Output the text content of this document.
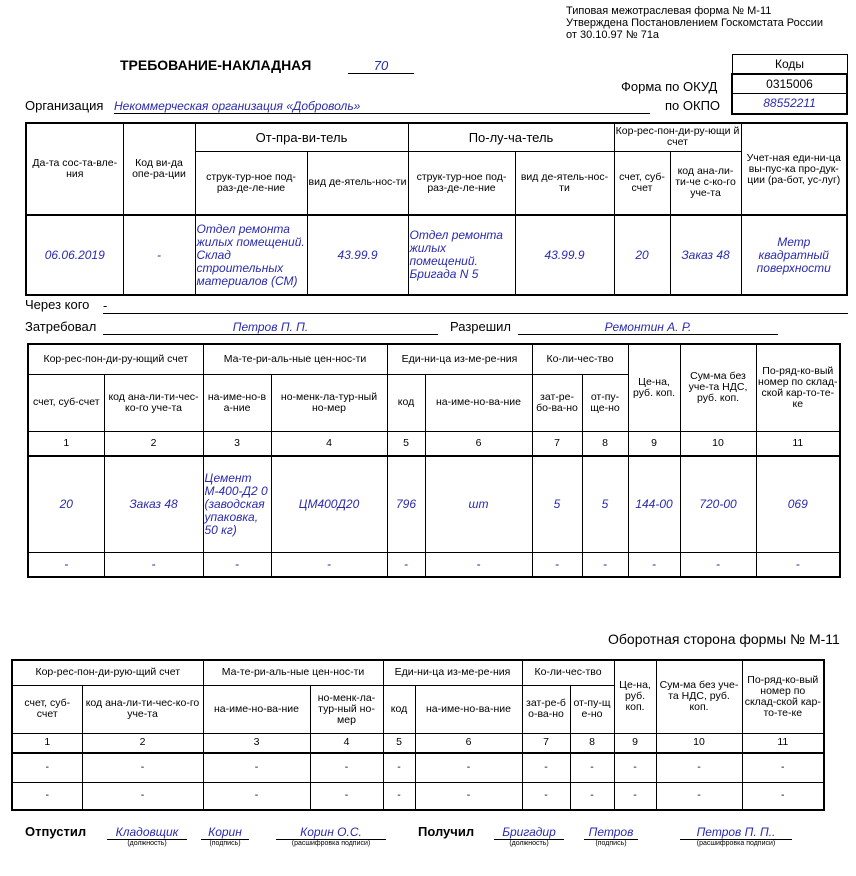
Типовая межотраслевая форма № М-11
Утверждена Постановлением Госкомстата России
от 30.10.97 № 71а
ТРЕБОВАНИЕ-НАКЛАДНАЯ	70	Коды
0315006
88552211
Форма по ОКУД
по ОКПО
Организация Некоммерческая организация «Доброволь»
Да-та сос-та-вле-ния	Код ви-да опе-ра-ции	От-пра-ви-тель		По-лу-ча-тель		Кор-рес-пон-ди-ру-ющи й счет		Учет-ная еди-ни-ца вы-пус-ка про-дук-ции (ра-бот, ус-луг)
		струк-тур-ное под-раз-де-ле-ние	вид де-ятель-нос-ти	струк-тур-ное под-раз-де-ле-ние	вид де-ятель-нос-ти	счет, суб-счет	код ана-ли-ти-че с-ко-го уче-та	
06.06.2019	-	Отдел ремонта жилых помещений. Склад строительных материалов (СМ)	43.99.9	Отдел ремонта жилых помещений. Бригада N 5	43.99.9	20	Заказ 48	Метр квадратный поверхности
Через кого -
Затребовал	Петров П. П.	Разрешил	Ремонтин А. Р.
Кор-рес-пон-ди-ру-ющий счет		Ма-те-ри-аль-ные цен-нос-ти		Еди-ни-ца из-ме-ре-ния		Ко-ли-чес-тво		Це-на, руб. коп.	Сум-ма без уче-та НДС, руб. коп.	По-ряд-ко-вый номер по склад-ской кар-то-те-ке
счет, суб-счет	код ана-ли-ти-чес-ко-го уче-та	на-име-но-в а-ние	но-менк-ла-тур-ный но-мер	код	на-име-но-ва-ние	зат-ре-бо-ва-но	от-пу-ще-но			
1	2	3	4	5	6	7	8	9	10	11
20	Заказ 48	Цемент М-400-Д2 0 (заводская упаковка, 50 кг)	ЦМ400Д20	796	шт	5	5	144-00	720-00	069
-	-	-	-	-	-	-	-	-	-	-
Оборотная сторона формы № М-11
Кор-рес-пон-ди-рую-щий счет		Ма-те-ри-аль-ные цен-нос-ти		Еди-ни-ца из-ме-ре-ния		Ко-ли-чес-тво		Це-на, руб. коп.	Сум-ма без уче-та НДС, руб. коп.	По-ряд-ко-вый номер по склад-ской кар-то-те-ке
счет, суб-счет	код ана-ли-ти-чес-ко-го уче-та	на-име-но-ва-ние	но-менк-ла-тур-ный но-мер	код	на-име-но-ва-ние	зат-ре-б о-ва-но	от-пу-щ е-но			
1	2	3	4	5	6	7	8	9	10	11
-	-	-	-	-	-	-	-	-	-	-
-	-	-	-	-	-	-	-	-	-	-
Отпустил	Кладовщик
(должность)
Корин
(подпись)
Корин О.С.
(расшифровка подписи)
Получил	Бригадир
(должность)
Петров
(подпись)
Петров П. П..
(расшифровка подписи)
